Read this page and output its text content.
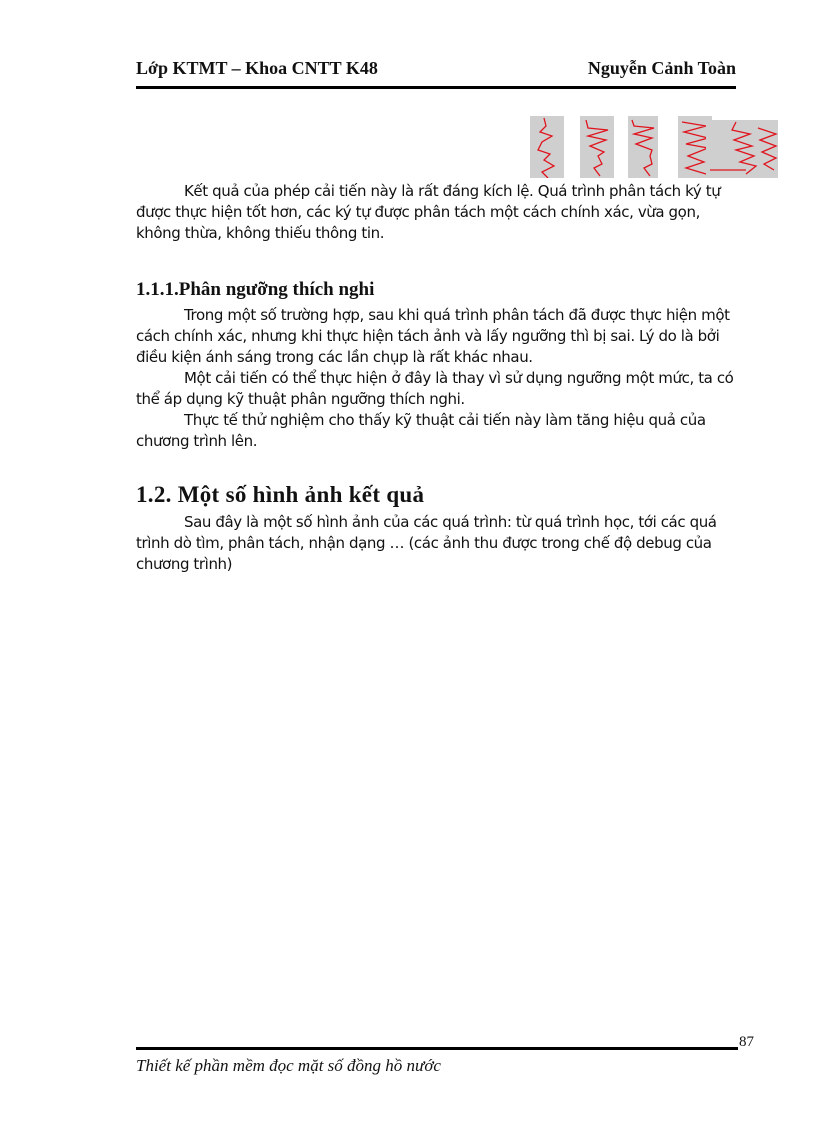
Lớp KTMT – Khoa CNTT K48	Nguyễn Cảnh Toàn

Kết quả của phép cải tiến này là rất đáng kích lệ. Quá trình phân tách ký tự được thực hiện tốt hơn, các ký tự được phân tách một cách chính xác, vừa gọn, không thừa, không thiếu thông tin.

1.1.1.Phân ngưỡng thích nghi

Trong một số trường hợp, sau khi quá trình phân tách đã được thực hiện một cách chính xác, nhưng khi thực hiện tách ảnh và lấy ngưỡng thì bị sai. Lý do là bởi điều kiện ánh sáng trong các lần chụp là rất khác nhau.

Một cải tiến có thể thực hiện ở đây là thay vì sử dụng ngưỡng một mức, ta có thể áp dụng kỹ thuật phân ngưỡng thích nghi.

Thực tế thử nghiệm cho thấy kỹ thuật cải tiến này làm tăng hiệu quả của chương trình lên.

1.2. Một số hình ảnh kết quả

Sau đây là một số hình ảnh của các quá trình: từ quá trình học, tới các quá trình dò tìm, phân tách, nhận dạng … (các ảnh thu được trong chế độ debug của chương trình)

87
Thiết kế phần mềm đọc mặt số đồng hồ nước
